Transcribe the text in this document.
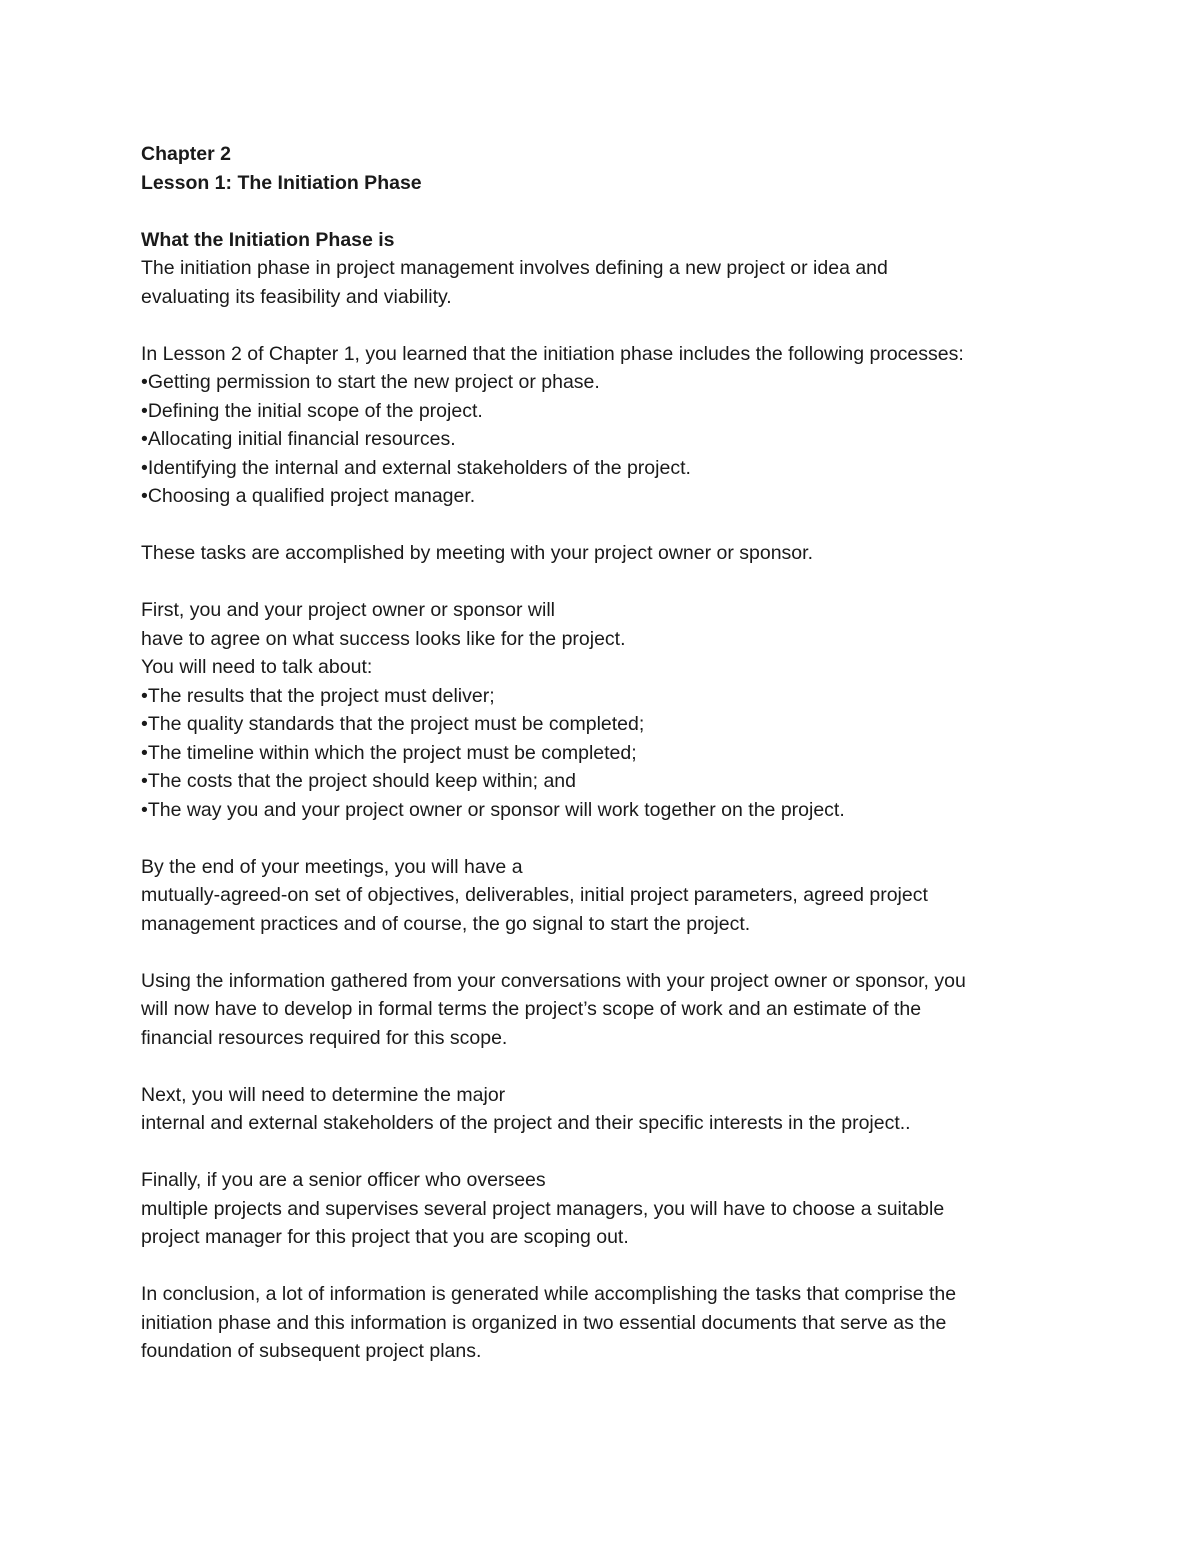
Chapter 2
Lesson 1: The Initiation Phase
What the Initiation Phase is
The initiation phase in project management involves defining a new project or idea and
evaluating its feasibility and viability.
In Lesson 2 of Chapter 1, you learned that the initiation phase includes the following processes:
•Getting permission to start the new project or phase.
•Defining the initial scope of the project.
•Allocating initial financial resources.
•Identifying the internal and external stakeholders of the project.
•Choosing a qualified project manager.
These tasks are accomplished by meeting with your project owner or sponsor.
First, you and your project owner or sponsor will
have to agree on what success looks like for the project.
You will need to talk about:
•The results that the project must deliver;
•The quality standards that the project must be completed;
•The timeline within which the project must be completed;
•The costs that the project should keep within; and
•The way you and your project owner or sponsor will work together on the project.
By the end of your meetings, you will have a
mutually-agreed-on set of objectives, deliverables, initial project parameters, agreed project
management practices and of course, the go signal to start the project.
Using the information gathered from your conversations with your project owner or sponsor, you
will now have to develop in formal terms the project’s scope of work and an estimate of the
financial resources required for this scope.
Next, you will need to determine the major
internal and external stakeholders of the project and their specific interests in the project..
Finally, if you are a senior officer who oversees
multiple projects and supervises several project managers, you will have to choose a suitable
project manager for this project that you are scoping out.
In conclusion, a lot of information is generated while accomplishing the tasks that comprise the
initiation phase and this information is organized in two essential documents that serve as the
foundation of subsequent project plans.
